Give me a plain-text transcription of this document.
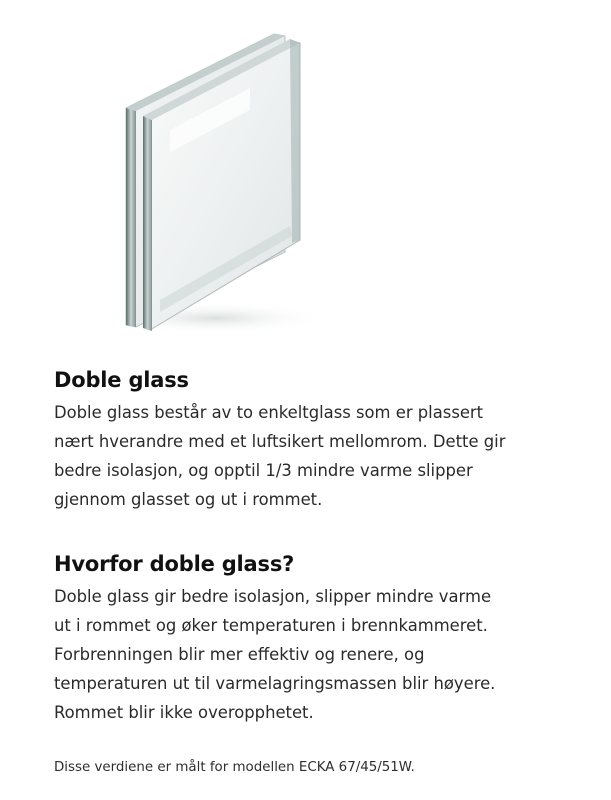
Doble glass

Doble glass består av to enkeltglass som er plassert
nært hverandre med et luftsikert mellomrom. Dette gir
bedre isolasjon, og opptil 1/3 mindre varme slipper
gjennom glasset og ut i rommet.

Hvorfor doble glass?

Doble glass gir bedre isolasjon, slipper mindre varme
ut i rommet og øker temperaturen i brennkammeret.
Forbrenningen blir mer effektiv og renere, og
temperaturen ut til varmelagringsmassen blir høyere.
Rommet blir ikke overopphetet.

Disse verdiene er målt for modellen ECKA 67/45/51W.
